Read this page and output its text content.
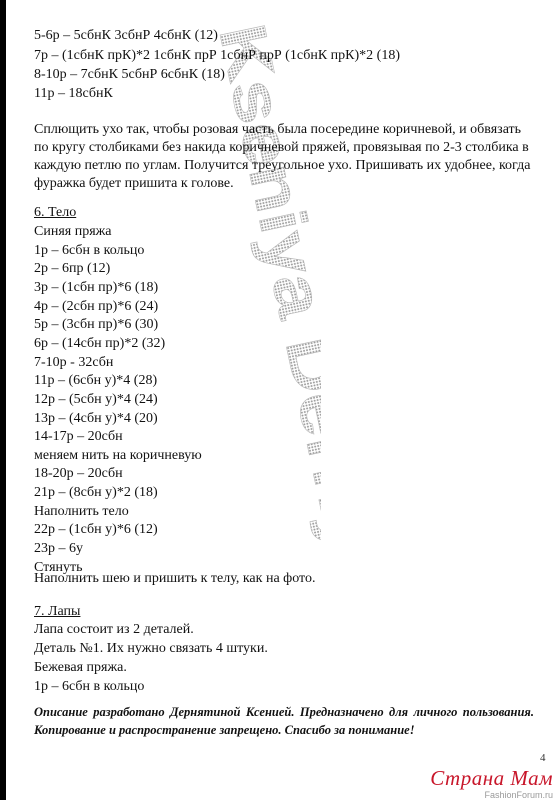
Kseniya Dernyatina
5-6р – 5сбнК 3сбнР 4сбнК (12)
7р – (1сбнК прК)*2 1сбнК прР 1сбнР прР (1сбнК прК)*2 (18)
8-10р – 7сбнК 5сбнР 6сбнК (18)
11р – 18сбнК
Сплющить ухо так, чтобы розовая часть была посередине коричневой, и обвязать по кругу столбиками без накида коричневой пряжей, провязывая по 2-3 столбика в каждую петлю по углам. Получится треугольное ухо. Пришивать их удобнее, когда фуражка будет пришита к голове.
6. Тело
Синяя пряжа
1р – 6сбн в кольцо
2р – 6пр (12)
3р – (1сбн пр)*6 (18)
4р – (2сбн пр)*6 (24)
5р – (3сбн пр)*6 (30)
6р – (14сбн пр)*2 (32)
7-10р - 32сбн
11р – (6сбн у)*4 (28)
12р – (5сбн у)*4 (24)
13р – (4сбн у)*4 (20)
14-17р – 20сбн
меняем нить на коричневую
18-20р – 20сбн
21р – (8сбн у)*2 (18)
Наполнить тело
22р – (1сбн у)*6 (12)
23р – 6у
Стянуть
Наполнить шею и пришить к телу, как на фото.
7. Лапы
Лапа состоит из 2 деталей.
Деталь №1. Их нужно связать 4 штуки.
Бежевая пряжа.
1р – 6сбн в кольцо
Описание разработано Дернятиной Ксенией. Предназначено для личного пользования. Копирование и распространение запрещено. Спасибо за понимание!
4
Страна Мам
FashionForum.ru
